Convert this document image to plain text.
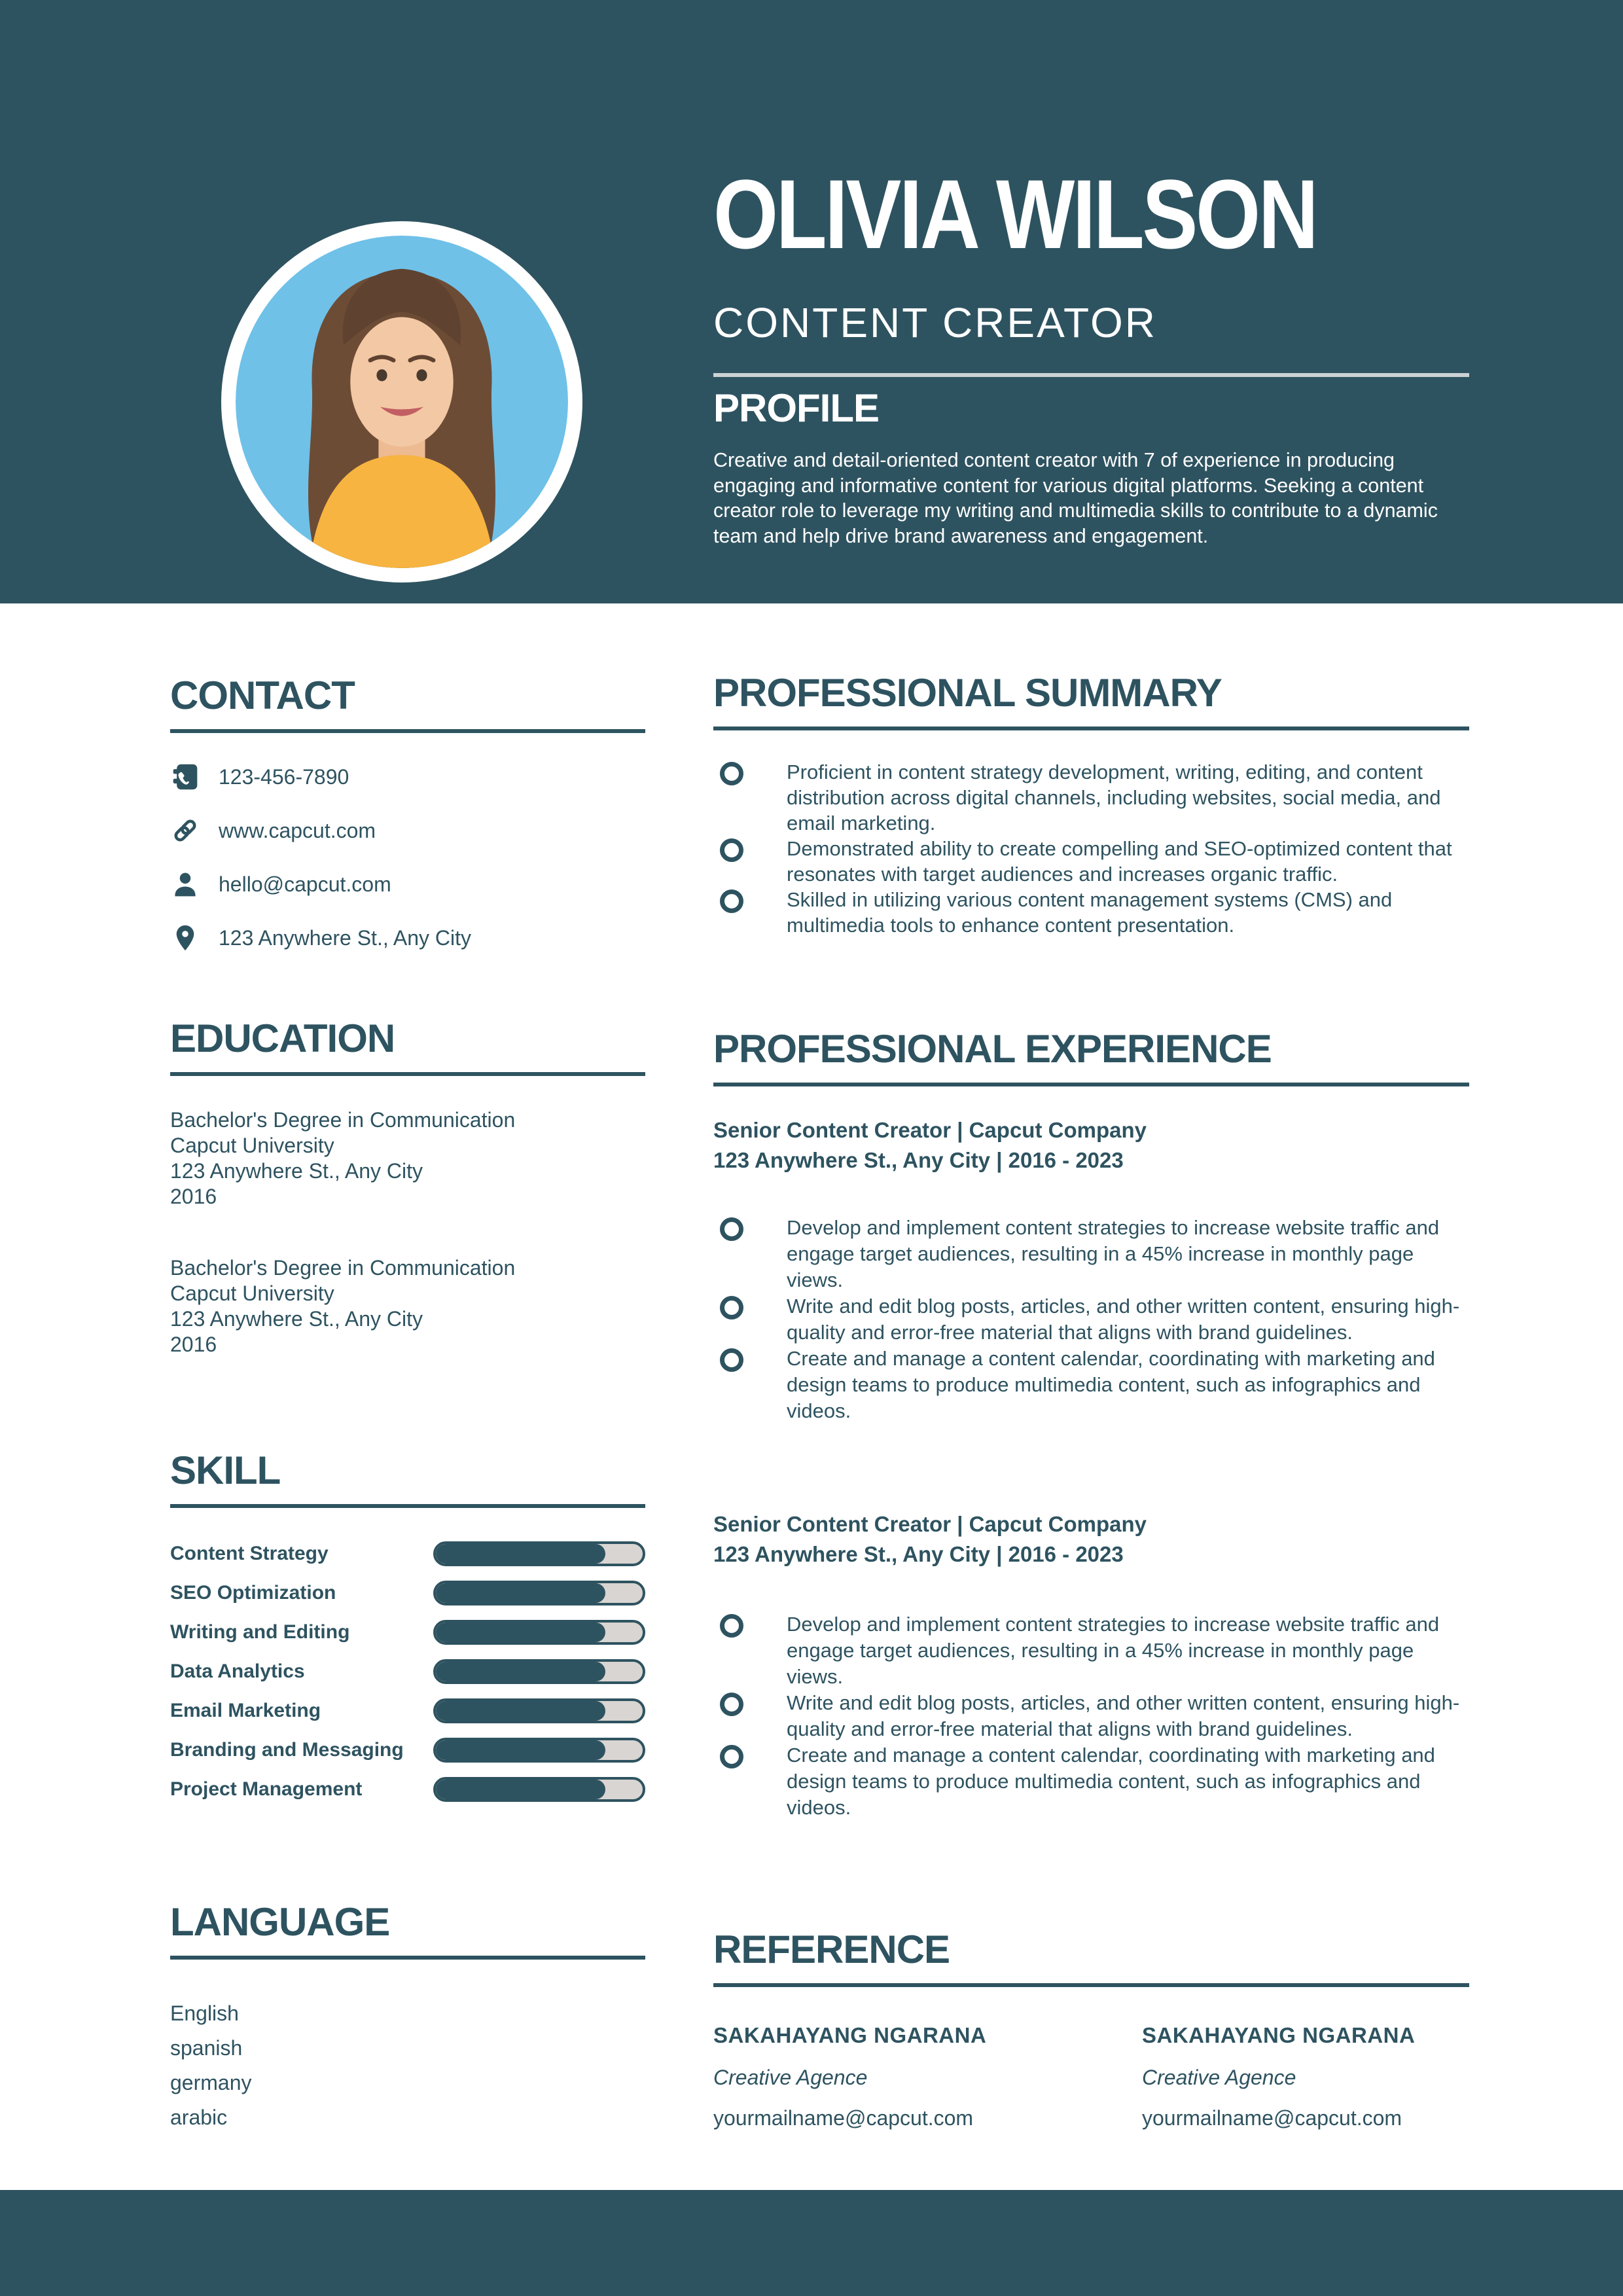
OLIVIA WILSON
CONTENT CREATOR
PROFILE

Creative and detail-oriented content creator with 7 of experience in producing engaging and informative content for various digital platforms. Seeking a content creator role to leverage my writing and multimedia skills to contribute to a dynamic team and help drive brand awareness and engagement.

CONTACT
123-456-7890
www.capcut.com
hello@capcut.com
123 Anywhere St., Any City
EDUCATION
Bachelor's Degree in Communication
Capcut University
123 Anywhere St., Any City
2016
Bachelor's Degree in Communication
Capcut University
123 Anywhere St., Any City
2016
SKILL
Content Strategy
SEO Optimization
Writing and Editing
Data Analytics
Email Marketing
Branding and Messaging
Project Management
LANGUAGE
English
spanish
germany
arabic
PROFESSIONAL SUMMARY

Proficient in content strategy development, writing, editing, and content distribution across digital channels, including websites, social media, and email marketing.

Demonstrated ability to create compelling and SEO-optimized content that resonates with target audiences and increases organic traffic.

Skilled in utilizing various content management systems (CMS) and multimedia tools to enhance content presentation.

PROFESSIONAL EXPERIENCE
Senior Content Creator | Capcut Company
123 Anywhere St., Any City | 2016 - 2023

Develop and implement content strategies to increase website traffic and engage target audiences, resulting in a 45% increase in monthly page views.

Write and edit blog posts, articles, and other written content, ensuring high-quality and error-free material that aligns with brand guidelines.

Create and manage a content calendar, coordinating with marketing and design teams to produce multimedia content, such as infographics and videos.

Senior Content Creator | Capcut Company
123 Anywhere St., Any City | 2016 - 2023

Develop and implement content strategies to increase website traffic and engage target audiences, resulting in a 45% increase in monthly page views.

Write and edit blog posts, articles, and other written content, ensuring high-quality and error-free material that aligns with brand guidelines.

Create and manage a content calendar, coordinating with marketing and design teams to produce multimedia content, such as infographics and videos.

REFERENCE
SAKAHAYANG NGARANA
Creative Agence
yourmailname@capcut.com
SAKAHAYANG NGARANA
Creative Agence
yourmailname@capcut.com
